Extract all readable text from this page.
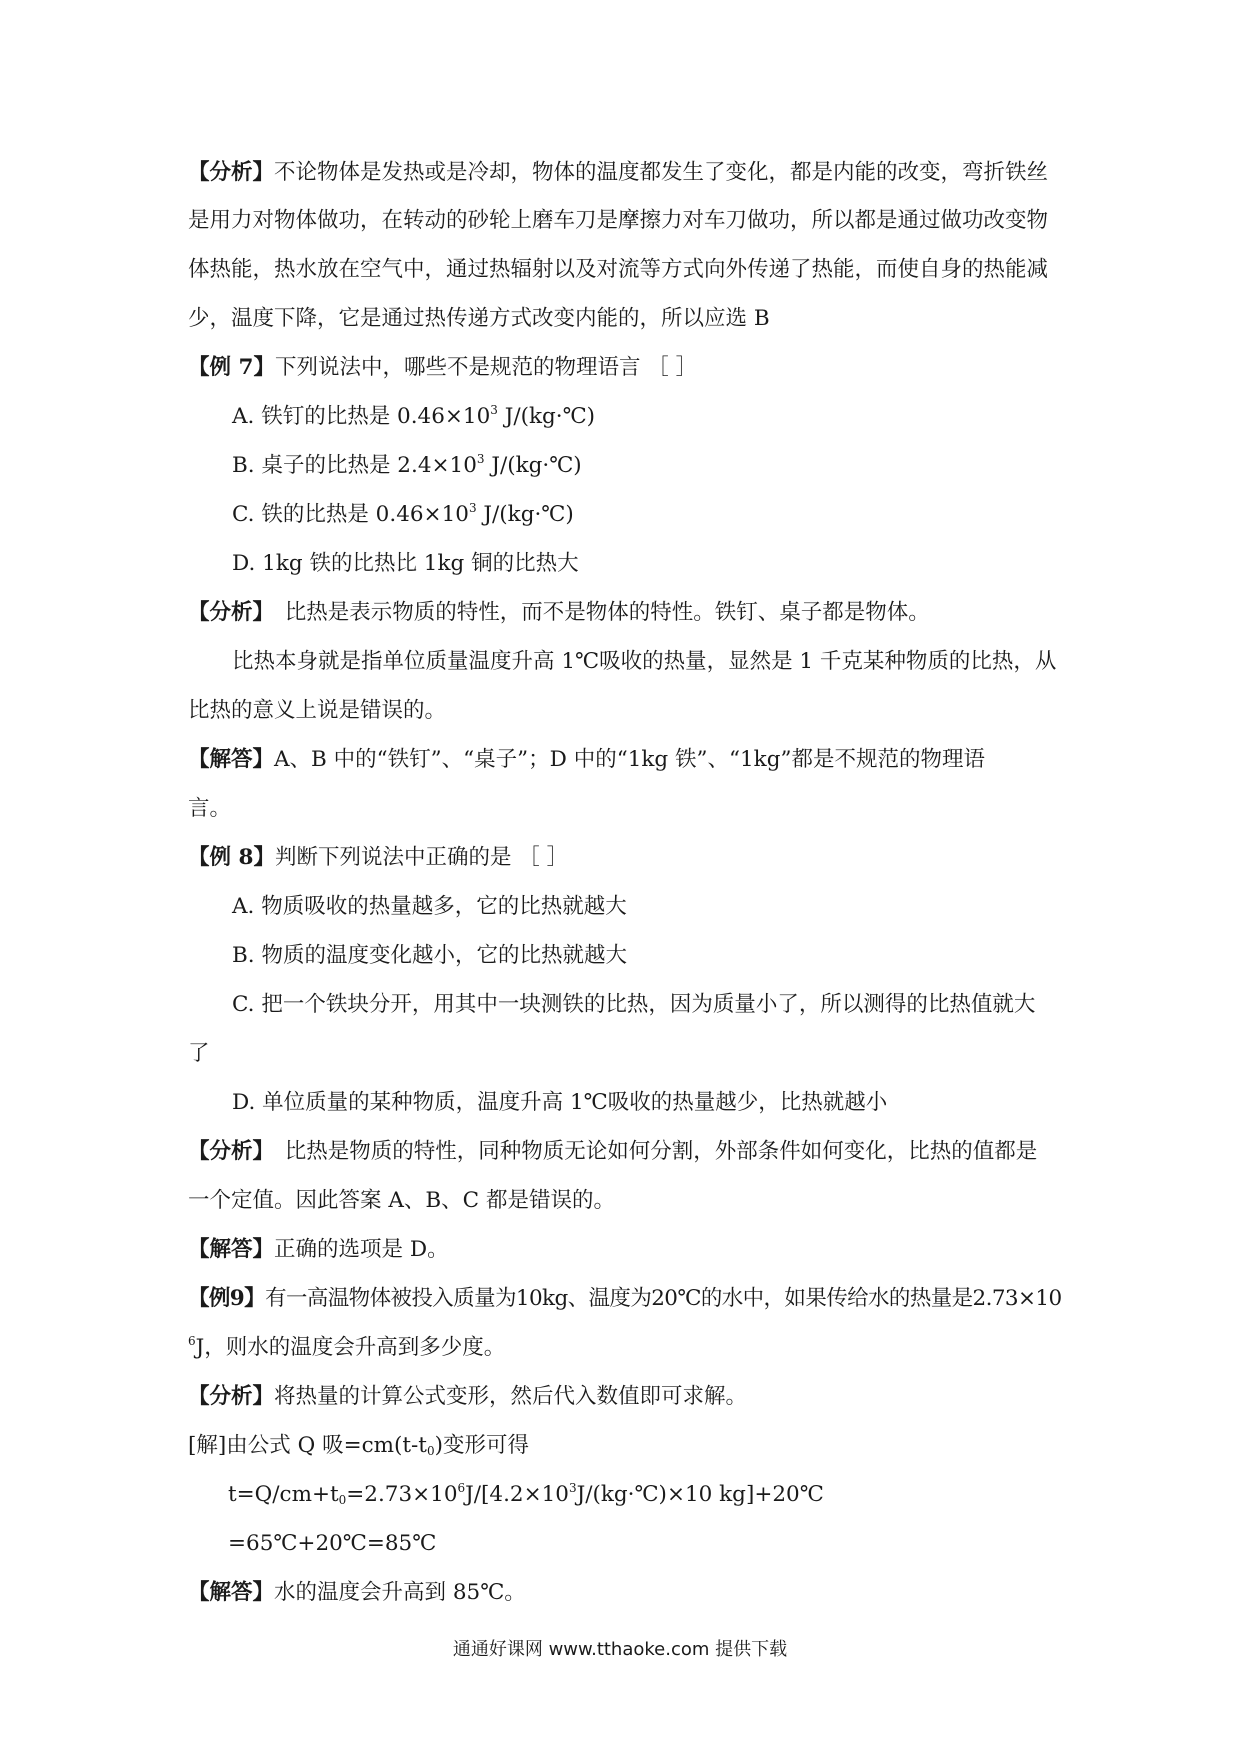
【分析】不论物体是发热或是冷却，物体的温度都发生了变化，都是内能的改变，弯折铁丝
是用力对物体做功，在转动的砂轮上磨车刀是摩擦力对车刀做功，所以都是通过做功改变物
体热能，热水放在空气中，通过热辐射以及对流等方式向外传递了热能，而使自身的热能减
少，温度下降，它是通过热传递方式改变内能的，所以应选 B
【例 7】下列说法中，哪些不是规范的物理语言 ［ ］
A. 铁钉的比热是 $0.46\times 10^3$ J/(kg·℃)
B. 桌子的比热是 $2.4\times 10^3$ J/(kg·℃)
C. 铁的比热是 $0.46\times 10^3$ J/(kg·℃)
D. 1kg 铁的比热比 1kg 铜的比热大
【分析】　比热是表示物质的特性，而不是物体的特性。铁钉、桌子都是物体。
比热本身就是指单位质量温度升高 1℃吸收的热量，显然是 1 千克某种物质的比热，从
比热的意义上说是错误的。
【解答】A、B 中的“铁钉”、“桌子”；D 中的“1kg 铁”、“1kg”都是不规范的物理语
言。
【例 8】判断下列说法中正确的是 ［ ］
A. 物质吸收的热量越多，它的比热就越大
B. 物质的温度变化越小，它的比热就越大
C. 把一个铁块分开，用其中一块测铁的比热，因为质量小了，所以测得的比热值就大
了
D. 单位质量的某种物质，温度升高 1℃吸收的热量越少，比热就越小
【分析】　比热是物质的特性，同种物质无论如何分割，外部条件如何变化，比热的值都是
一个定值。因此答案 A、B、C 都是错误的。
【解答】正确的选项是 D。
【例9】有一高温物体被投入质量为10kg、温度为20℃的水中，如果传给水的热量是2.73×10
$^6$J，则水的温度会升高到多少度。
【分析】将热量的计算公式变形，然后代入数值即可求解。
[解]由公式 Q 吸$=cm(t-t_0)$变形可得
$t=Q/cm+t_0=2.73\times 10^6J/[4.2\times 10^3J/(kg\cdot℃)\times 10$ kg]+20℃
=65℃+20℃=85℃
【解答】水的温度会升高到 85℃。
通通好课网 www.tthaoke.com 提供下载
